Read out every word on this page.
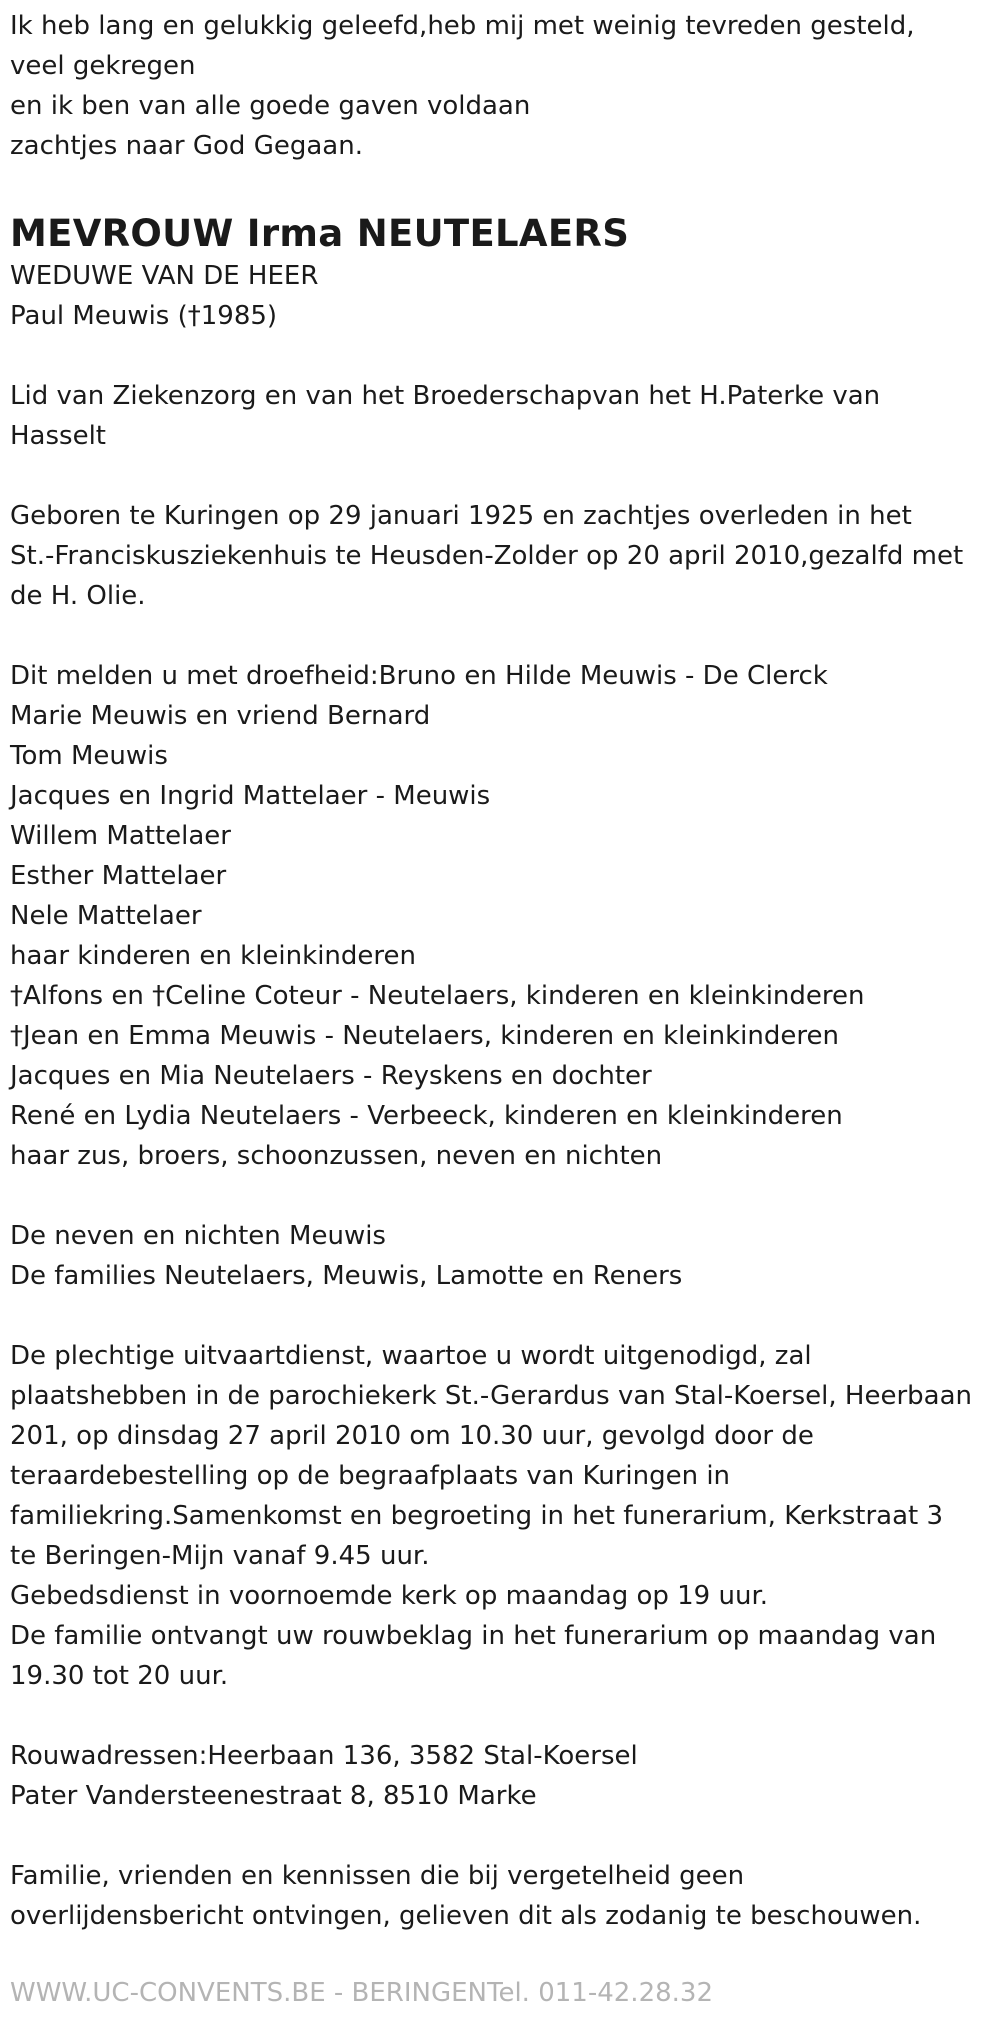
Ik heb lang en gelukkig geleefd,heb mij met weinig tevreden gesteld,

veel gekregen

en ik ben van alle goede gaven voldaan

zachtjes naar God Gegaan.

MEVROUW Irma NEUTELAERS

WEDUWE VAN DE HEER

Paul Meuwis (†1985)

Lid van Ziekenzorg en van het Broederschapvan het H.Paterke van

Hasselt

Geboren te Kuringen op 29 januari 1925 en zachtjes overleden in het

St.-Franciskusziekenhuis te Heusden-Zolder op 20 april 2010,gezalfd met

de H. Olie.

Dit melden u met droefheid:Bruno en Hilde Meuwis - De Clerck

Marie Meuwis en vriend Bernard

Tom Meuwis

Jacques en Ingrid Mattelaer - Meuwis

Willem Mattelaer

Esther Mattelaer

Nele Mattelaer

haar kinderen en kleinkinderen

†Alfons en †Celine Coteur - Neutelaers, kinderen en kleinkinderen

†Jean en Emma Meuwis - Neutelaers, kinderen en kleinkinderen

Jacques en Mia Neutelaers - Reyskens en dochter

René en Lydia Neutelaers - Verbeeck, kinderen en kleinkinderen

haar zus, broers, schoonzussen, neven en nichten

De neven en nichten Meuwis

De families Neutelaers, Meuwis, Lamotte en Reners

De plechtige uitvaartdienst, waartoe u wordt uitgenodigd, zal

plaatshebben in de parochiekerk St.-Gerardus van Stal-Koersel, Heerbaan

201, op dinsdag 27 april 2010 om 10.30 uur, gevolgd door de

teraardebestelling op de begraafplaats van Kuringen in

familiekring.Samenkomst en begroeting in het funerarium, Kerkstraat 3

te Beringen-Mijn vanaf 9.45 uur.

Gebedsdienst in voornoemde kerk op maandag op 19 uur.

De familie ontvangt uw rouwbeklag in het funerarium op maandag van

19.30 tot 20 uur.

Rouwadressen:Heerbaan 136, 3582 Stal-Koersel

Pater Vandersteenestraat 8, 8510 Marke

Familie, vrienden en kennissen die bij vergetelheid geen

overlijdensbericht ontvingen, gelieven dit als zodanig te beschouwen.

WWW.UC-CONVENTS.BE - BERINGENTel. 011-42.28.32
